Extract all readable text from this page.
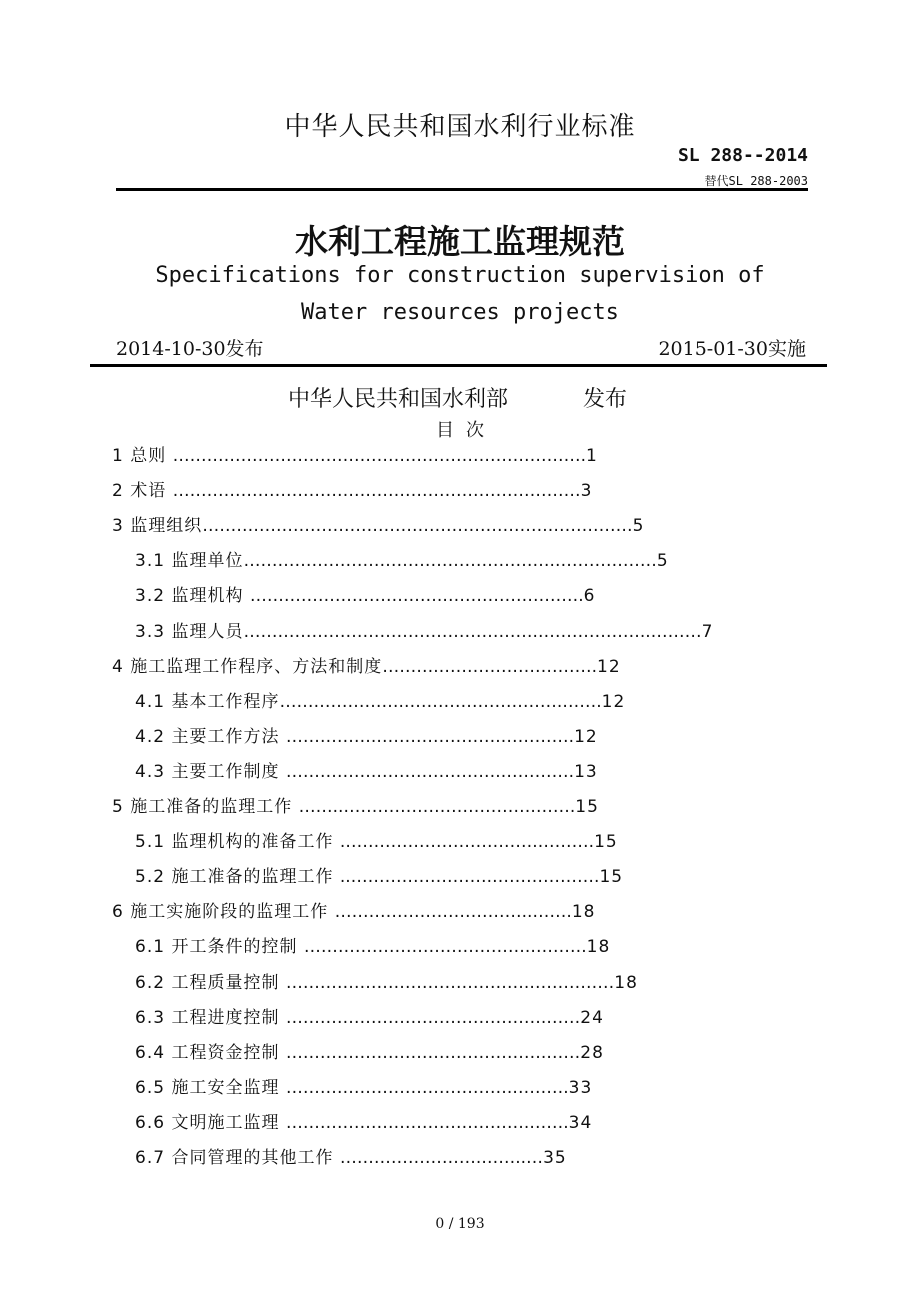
中华人民共和国水利行业标准
SL 288--2014
替代SL 288-2003
水利工程施工监理规范
Specifications for construction supervision of
Water resources projects
2014-10-30发布	2015-01-30实施
中华人民共和国水利部	发布
目次
1 总则 ……………………………………………………………….1
2 术语 ………………………………………………………………3
3 监理组织…………………………………………………….……………5
3.1 监理单位……………………………………………….………………5
3.2 监理机构 …………………………….…………………….6
3.3 监理人员…………………………………………….………………..………7
4 施工监理工作程序、方法和制度……….……………………….12
4.1 基本工作程序………………….……………………….…….12
4.2 主要工作方法 …………….………………….………….12
4.3 主要工作制度 …………….………………….………….13
5 施工准备的监理工作 ……..…………………………….…….15
5.1 监理机构的准备工作 .…………………………….……….15
5.2 施工准备的监理工作 ..…………………….……………….15
6 施工实施阶段的监理工作 ……………………………..…….18
6.1 开工条件的控制 ………………………………….……….18
6.2 工程质量控制 …………………………………….……………18
6.3 工程进度控制 ……………………………………….……24
6.4 工程资金控制 ……………………………………….……28
6.5 施工安全监理 ………………………………….……….33
6.6 文明施工监理 …………………………………….…….34
6.7 合同管理的其他工作 …………………….……..…35
0 / 193
